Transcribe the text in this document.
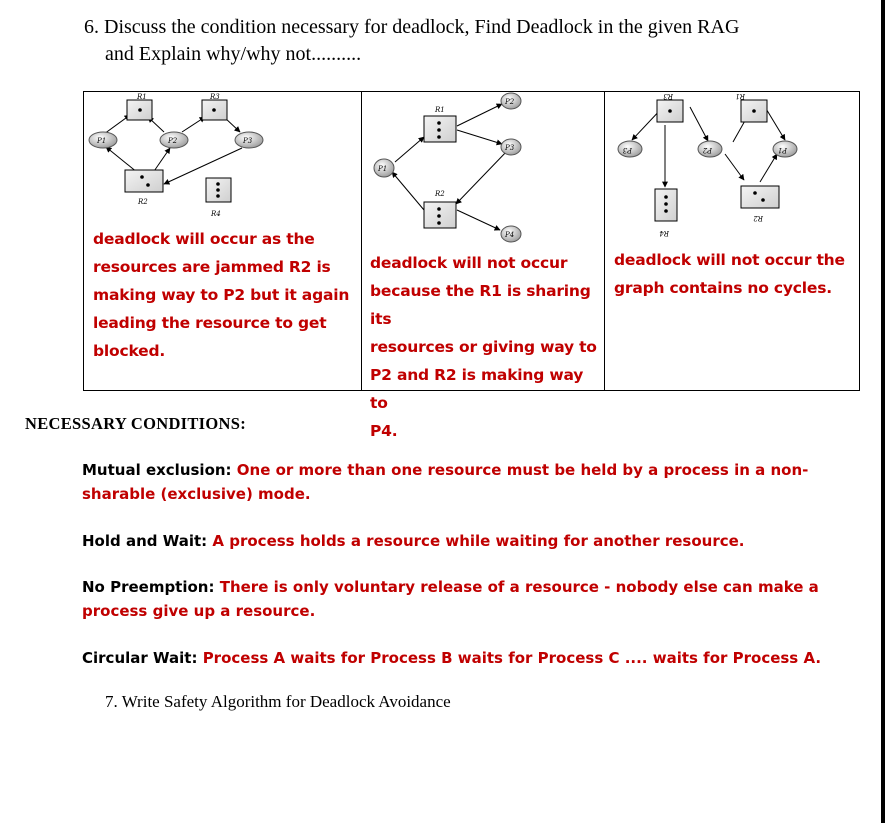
6. Discuss the condition necessary for deadlock, Find Deadlock in the given RAG
and Explain why/why not..........
R1	R3
R2
R4
P1	P2	P3
deadlock will occur as the
resources are jammed R2 is
making way to P2 but it again
leading the resource to get
blocked.

R1
R2
P1
P2
P3
P4
deadlock will not occur
because the R1 is sharing its
resources or giving way to
P2 and R2 is making way to
P4.

R3	R1
R2
R4
P3	P2	P1
deadlock will not occur the
graph contains no cycles.
NECESSARY CONDITIONS:
Mutual exclusion: One or more than one resource must be held by a process in a non-sharable (exclusive) mode.
Hold and Wait: A process holds a resource while waiting for another resource.
No Preemption: There is only voluntary release of a resource - nobody else can make a process give up a resource.
Circular Wait: Process A waits for Process B waits for Process C .... waits for Process A.
7. Write Safety Algorithm for Deadlock Avoidance
